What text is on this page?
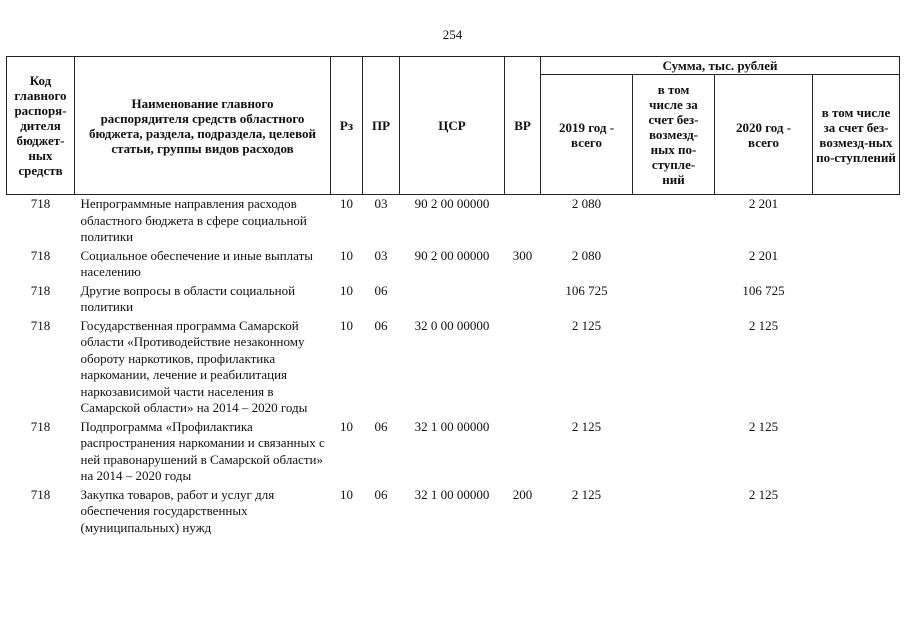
254
Код главного распоря-дителя бюджет-ных средств	Наименование главного распорядителя средств областного бюджета, раздела, подраздела, целевой статьи, группы видов расходов	Рз	ПР	ЦСР	ВР	Сумма, тыс. рублей			
						2019 год - всего	в том числе за счет без-возмезд-ных по-ступле-ний	2020 год - всего	в том числе за счет без-возмезд-ных по-ступлений
718	Непрограммные направления расходов областного бюджета в сфере социальной политики	10	03	90 2 00 00000		2 080		2 201	
718	Социальное обеспечение и иные выплаты населению	10	03	90 2 00 00000	300	2 080		2 201	
718	Другие вопросы в области социальной политики	10	06			106 725		106 725	
718	Государственная программа Самарской области «Противодействие незаконному обороту наркотиков, профилактика наркомании, лечение и реабилитация наркозависимой части населения в Самарской области» на 2014 – 2020 годы	10	06	32 0 00 00000		2 125		2 125	
718	Подпрограмма «Профилактика распространения наркомании и связанных с ней правонарушений в Самарской области» на 2014 – 2020 годы	10	06	32 1 00 00000		2 125		2 125	
718	Закупка товаров, работ и услуг для обеспечения государственных (муниципальных) нужд	10	06	32 1 00 00000	200	2 125		2 125	
